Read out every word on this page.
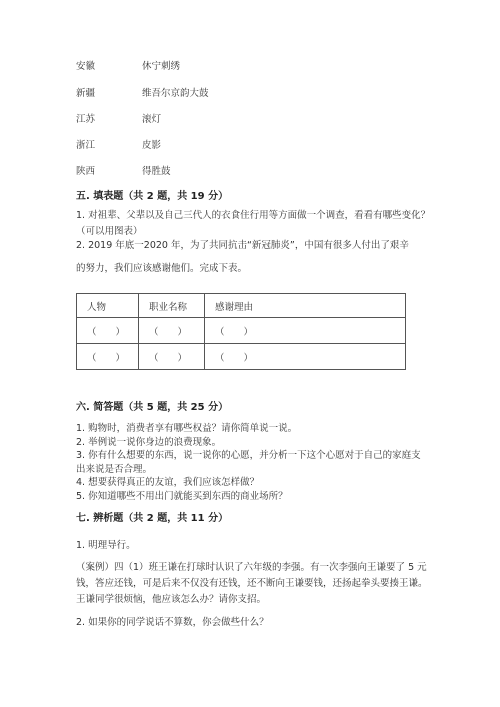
安徽	休宁刺绣
新疆	维吾尔京韵大鼓
江苏	滚灯
浙江	皮影
陕西	得胜鼓
五. 填表题（共 2 题，共 19 分）
1. 对祖辈、父辈以及自己三代人的衣食住行用等方面做一个调查，看看有哪些变化？（可以用图表）
2. 2019 年底一2020 年，为了共同抗击“新冠肺炎”，中国有很多人付出了艰辛
的努力，我们应该感谢他们。完成下表。
人物	职业名称	感谢理由
（　　）	（　　）	（　　）
（　　）	（　　）	（　　）
六. 简答题（共 5 题，共 25 分）
1. 购物时，消费者享有哪些权益？请你简单说一说。
2. 举例说一说你身边的浪费现象。
3. 你有什么想要的东西，说一说你的心愿，并分析一下这个心愿对于自己的家庭支出来说是否合理。
4. 想要获得真正的友谊，我们应该怎样做？
5. 你知道哪些不用出门就能买到东西的商业场所？
七. 辨析题（共 2 题，共 11 分）
1. 明理导行。
（案例）四（1）班王谦在打球时认识了六年级的李强。有一次李强向王谦要了 5 元钱，答应还钱，可是后来不仅没有还钱，还不断向王谦要钱，还扬起拳头要揍王谦。王谦同学很烦恼，他应该怎么办？请你支招。
2. 如果你的同学说话不算数，你会做些什么？
